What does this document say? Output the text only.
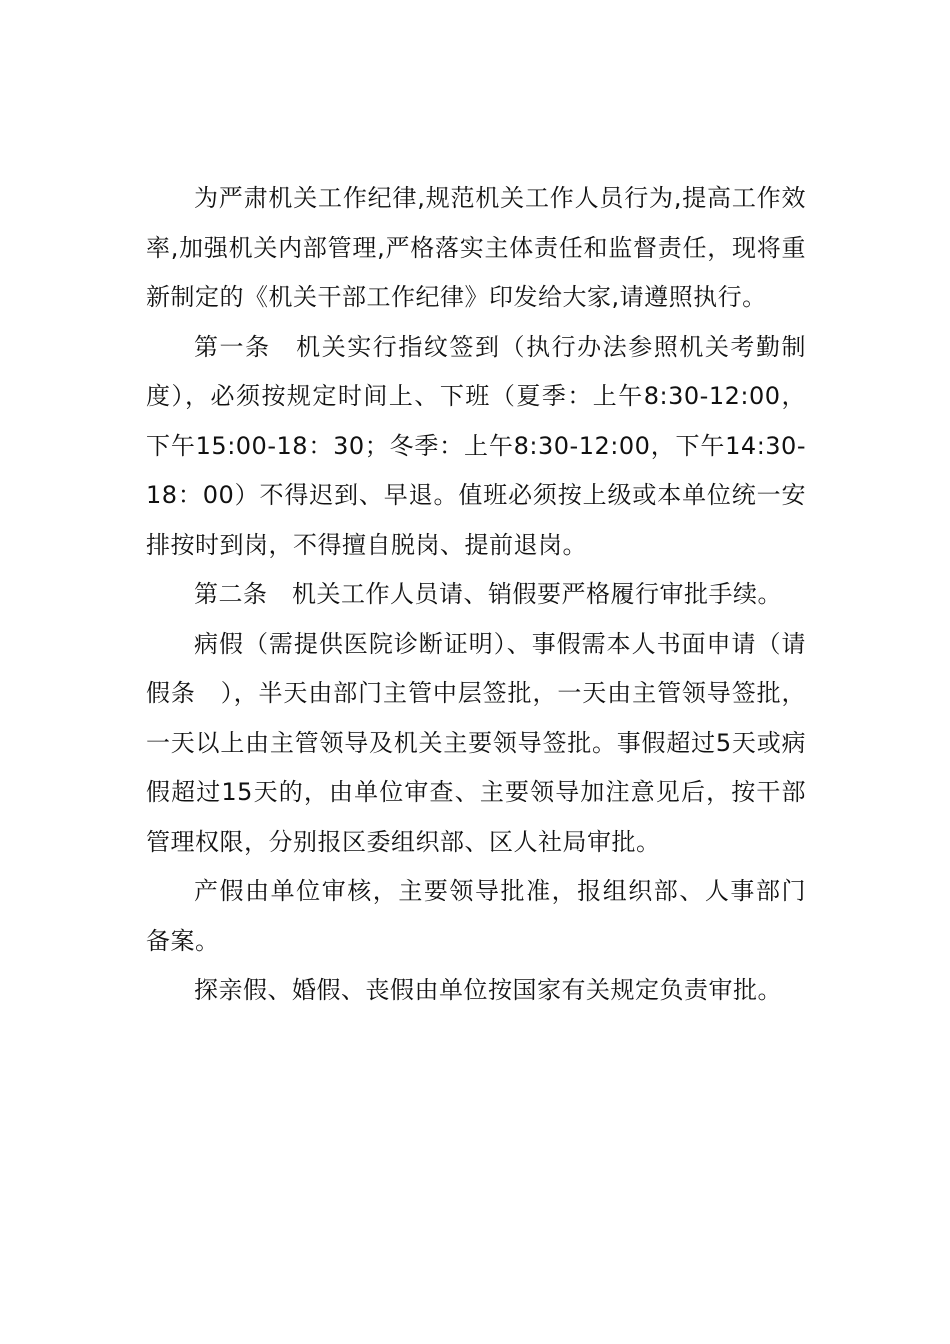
为严肃机关工作纪律,规范机关工作人员行为,提高工作效率,加强机关内部管理,严格落实主体责任和监督责任，现将重新制定的《机关干部工作纪律》印发给大家,请遵照执行。

第一条　机关实行指纹签到（执行办法参照机关考勤制度），必须按规定时间上、下班（夏季：上午8:30-12:00，下午15:00-18：30；冬季：上午8:30-12:00，下午14:30-18：00）不得迟到、早退。值班必须按上级或本单位统一安排按时到岗，不得擅自脱岗、提前退岗。

第二条　机关工作人员请、销假要严格履行审批手续。

病假（需提供医院诊断证明）、事假需本人书面申请（请假条　），半天由部门主管中层签批，一天由主管领导签批，一天以上由主管领导及机关主要领导签批。事假超过5天或病假超过15天的，由单位审查、主要领导加注意见后，按干部管理权限，分别报区委组织部、区人社局审批。

产假由单位审核，主要领导批准，报组织部、人事部门备案。

探亲假、婚假、丧假由单位按国家有关规定负责审批。
